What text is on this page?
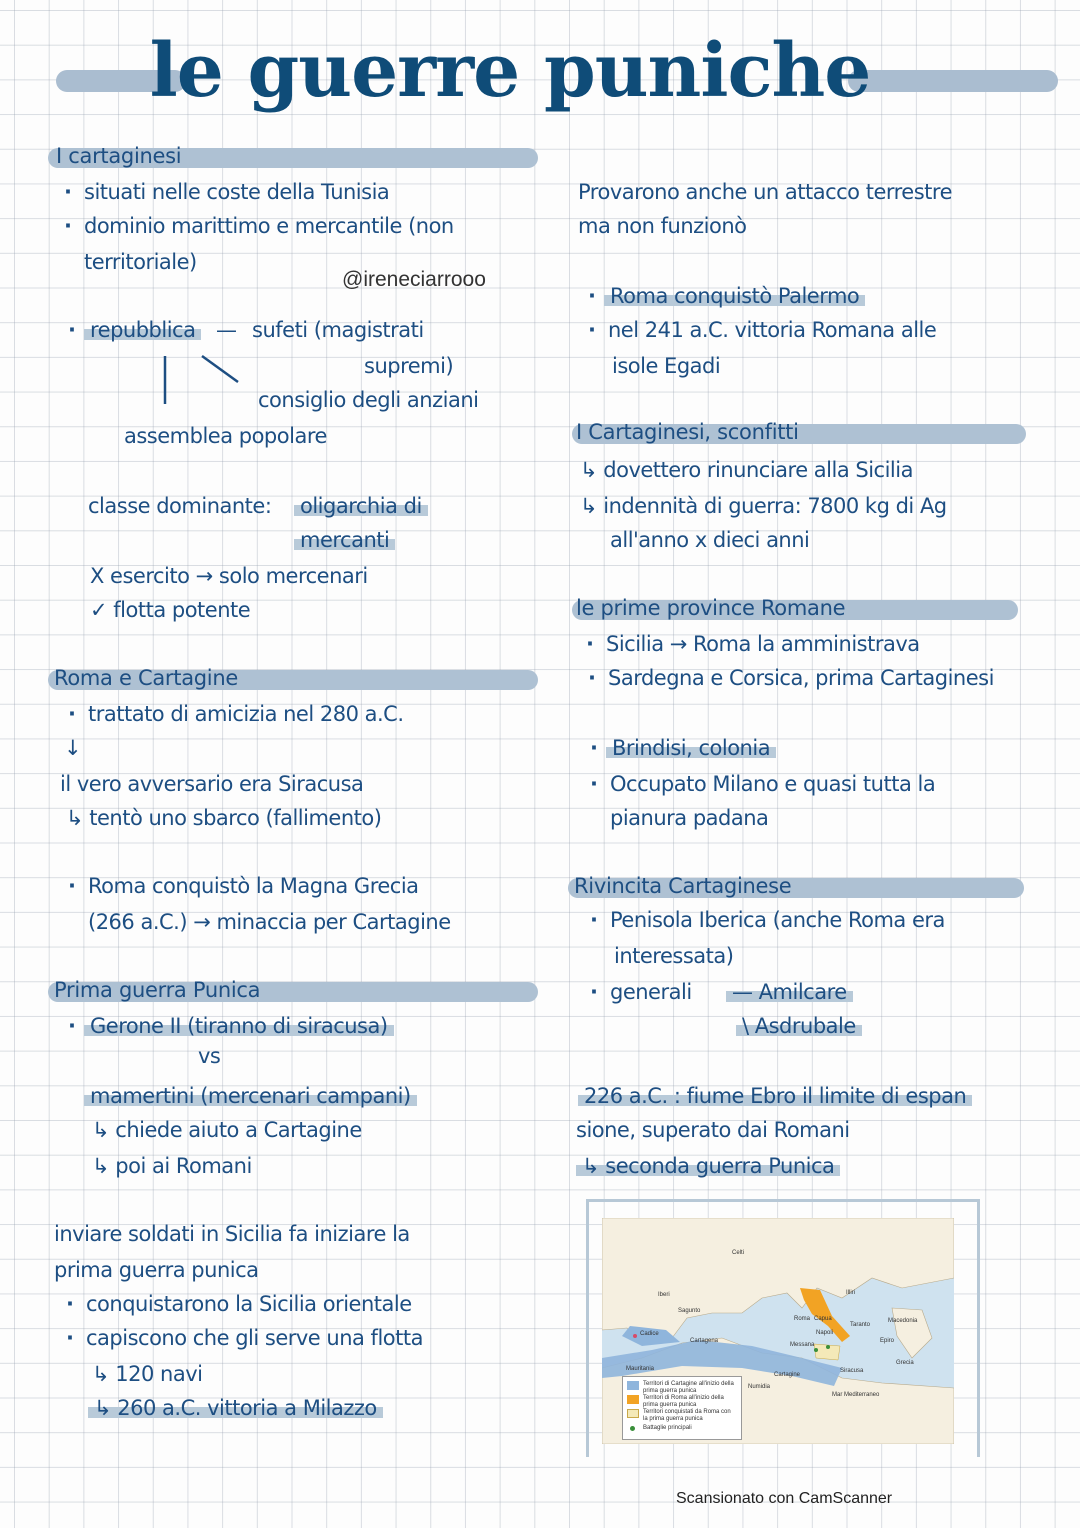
le guerre puniche
I cartaginesi
· situati nelle coste della Tunisia
· dominio marittimo e mercantile (non
territoriale)
@ireneciarrooo
· repubblica — sufeti (magistrati
supremi)
consiglio degli anziani
assemblea popolare
classe dominante: oligarchia di
mercanti
X esercito → solo mercenari
✓ flotta potente
Roma e Cartagine
· trattato di amicizia nel 280 a.C.
↓
il vero avversario era Siracusa
↳ tentò uno sbarco (fallimento)
· Roma conquistò la Magna Grecia
(266 a.C.) → minaccia per Cartagine
Prima guerra Punica
· Gerone II (tiranno di siracusa)
vs
mamertini (mercenari campani)
↳ chiede aiuto a Cartagine
↳ poi ai Romani
inviare soldati in Sicilia fa iniziare la
prima guerra punica
· conquistarono la Sicilia orientale
· capiscono che gli serve una flotta
↳ 120 navi
↳ 260 a.C. vittoria a Milazzo
Provarono anche un attacco terrestre
ma non funzionò
· Roma conquistò Palermo
· nel 241 a.C. vittoria Romana alle
isole Egadi
I Cartaginesi, sconfitti
↳ dovettero rinunciare alla Sicilia
↳ indennità di guerra: 7800 kg di Ag
all'anno x dieci anni
le prime province Romane
· Sicilia → Roma la amministrava
· Sardegna e Corsica, prima Cartaginesi
· Brindisi, colonia
· Occupato Milano e quasi tutta la
pianura padana
Rivincita Cartaginese
· Penisola Iberica (anche Roma era
interessata)
· generali — Amilcare
\ Asdrubale
226 a.C. : fiume Ebro il limite di espan
sione, superato dai Romani
↳ seconda guerra Punica
Celti
Iberi
Sagunto
Cartagena
Cadice
Mauritania
Roma Capua
Napoli
Taranto
Messana
Siracusa
Cartagine
Numidia
Illiri
Macedonia
Epiro
Grecia
Mar Mediterraneo
Territori di Cartagine all'inizio della prima guerra punica
Territori di Roma all'inizio della prima guerra punica
Territori conquistati da Roma con la prima guerra punica
Battaglie principali
Scansionato con CamScanner
